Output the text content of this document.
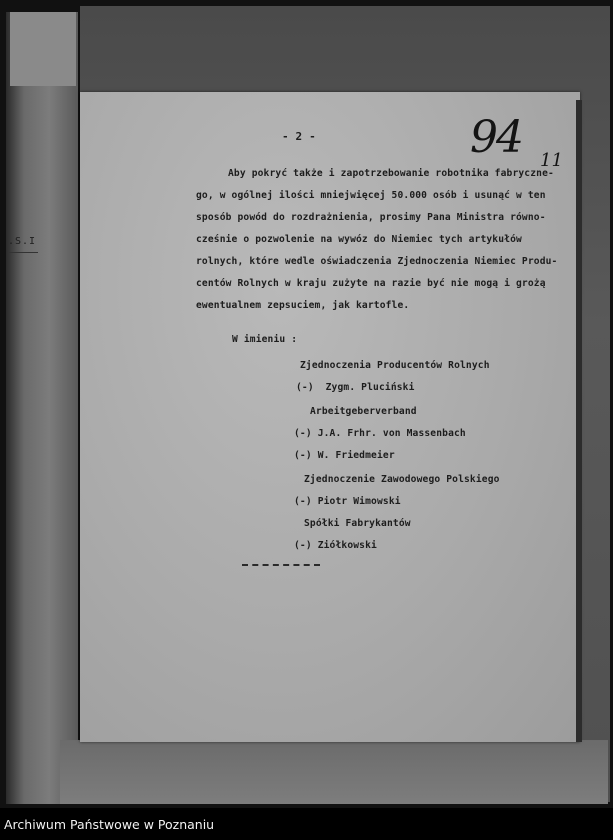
.S.I
- 2 -	94 11
Aby pokryć także i zapotrzebowanie robotnika fabryczne-
go, w ogólnej ilości mniejwięcej 50.000 osób i usunąć w ten
sposób powód do rozdrażnienia, prosimy Pana Ministra równo-
cześnie o pozwolenie na wywóz do Niemiec tych artykułów
rolnych, które wedle oświadczenia Zjednoczenia Niemiec Produ-
centów Rolnych w kraju zużyte na razie być nie mogą i grożą
ewentualnem zepsuciem, jak kartofle.
W imieniu :
Zjednoczenia Producentów Rolnych
(-)  Zygm. Pluciński
Arbeitgeberverband
(-) J.A. Frhr. von Massenbach
(-) W. Friedmeier
Zjednoczenie Zawodowego Polskiego
(-) Piotr Wimowski
Spółki Fabrykantów
(-) Ziółkowski
Archiwum Państwowe w Poznaniu
